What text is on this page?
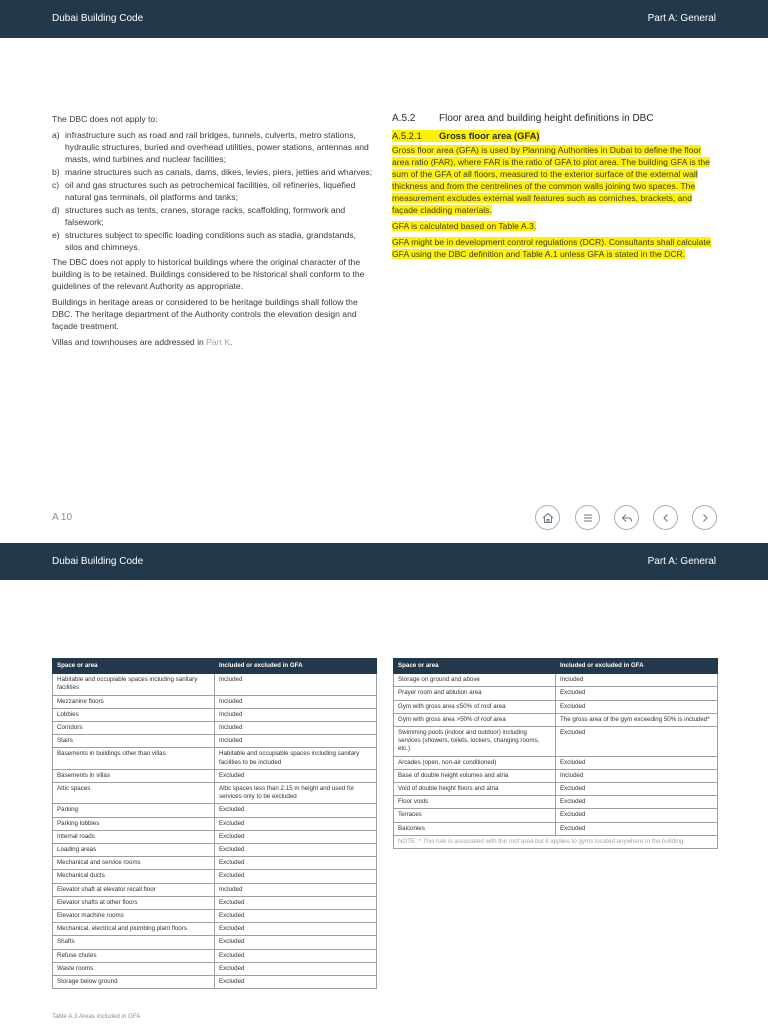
Dubai Building Code	Part A: General

The DBC does not apply to:

a) infrastructure such as road and rail bridges, tunnels, culverts, metro stations, hydraulic structures, buried and overhead utilities, power stations, antennas and masts, wind turbines and nuclear facilities;
b) marine structures such as canals, dams, dikes, levies, piers, jetties and wharves;
c) oil and gas structures such as petrochemical facilities, oil refineries, liquefied natural gas terminals, oil platforms and tanks;
d) structures such as tents, cranes, storage racks, scaffolding, formwork and falsework;
e) structures subject to specific loading conditions such as stadia, grandstands, silos and chimneys.

The DBC does not apply to historical buildings where the original character of the building is to be retained. Buildings considered to be historical shall conform to the guidelines of the relevant Authority as appropriate.

Buildings in heritage areas or considered to be heritage buildings shall follow the DBC. The heritage department of the Authority controls the elevation design and façade treatment.

Villas and townhouses are addressed in Part K.

A.5.2	Floor area and building height definitions in DBC
A.5.2.1	Gross floor area (GFA)

Gross floor area (GFA) is used by Planning Authorities in Dubai to define the floor area ratio (FAR), where FAR is the ratio of GFA to plot area. The building GFA is the sum of the GFA of all floors, measured to the exterior surface of the external wall thickness and from the centrelines of the common walls joining two spaces. The measurement excludes external wall features such as corniches, brackets, and façade cladding materials.

GFA is calculated based on Table A.3.

GFA might be in development control regulations (DCR). Consultants shall calculate GFA using the DBC definition and Table A.1 unless GFA is stated in the DCR.

A 10
Dubai Building Code	Part A: General
Space or area	Included or excluded in GFA
Habitable and occupiable spaces including sanitary facilities	Included
Mezzanine floors	Included
Lobbies	Included
Corridors	Included
Stairs	Included
Basements in buildings other than villas	Habitable and occupiable spaces including sanitary facilities to be included
Basements in villas	Excluded
Attic spaces	Attic spaces less than 2.15 m height and used for services only to be excluded
Parking	Excluded
Parking lobbies	Excluded
Internal roads	Excluded
Loading areas	Excluded
Mechanical and service rooms	Excluded
Mechanical ducts	Excluded
Elevator shaft at elevator recall floor	Included
Elevator shafts at other floors	Excluded
Elevator machine rooms	Excluded
Mechanical, electrical and plumbing plant floors	Excluded
Shafts	Excluded
Refuse chutes	Excluded
Waste rooms	Excluded
Storage below ground	Excluded
Space or area	Included or excluded in GFA
Storage on ground and above	Included
Prayer room and ablution area	Excluded
Gym with gross area ≤50% of roof area	Excluded
Gym with gross area >50% of roof area	The gross area of the gym exceeding 50% is included*
Swimming pools (indoor and outdoor) including services (showers, toilets, lockers, changing rooms, etc.)	Excluded
Arcades (open, non-air conditioned)	Excluded
Base of double height volumes and atria	Included
Void of double height floors and atria	Excluded
Floor voids	Excluded
Terraces	Excluded
Balconies	Excluded
NOTE: * This rule is associated with the roof area but it applies to gyms located anywhere in the building.	
Table A.3 Areas included in GFA
